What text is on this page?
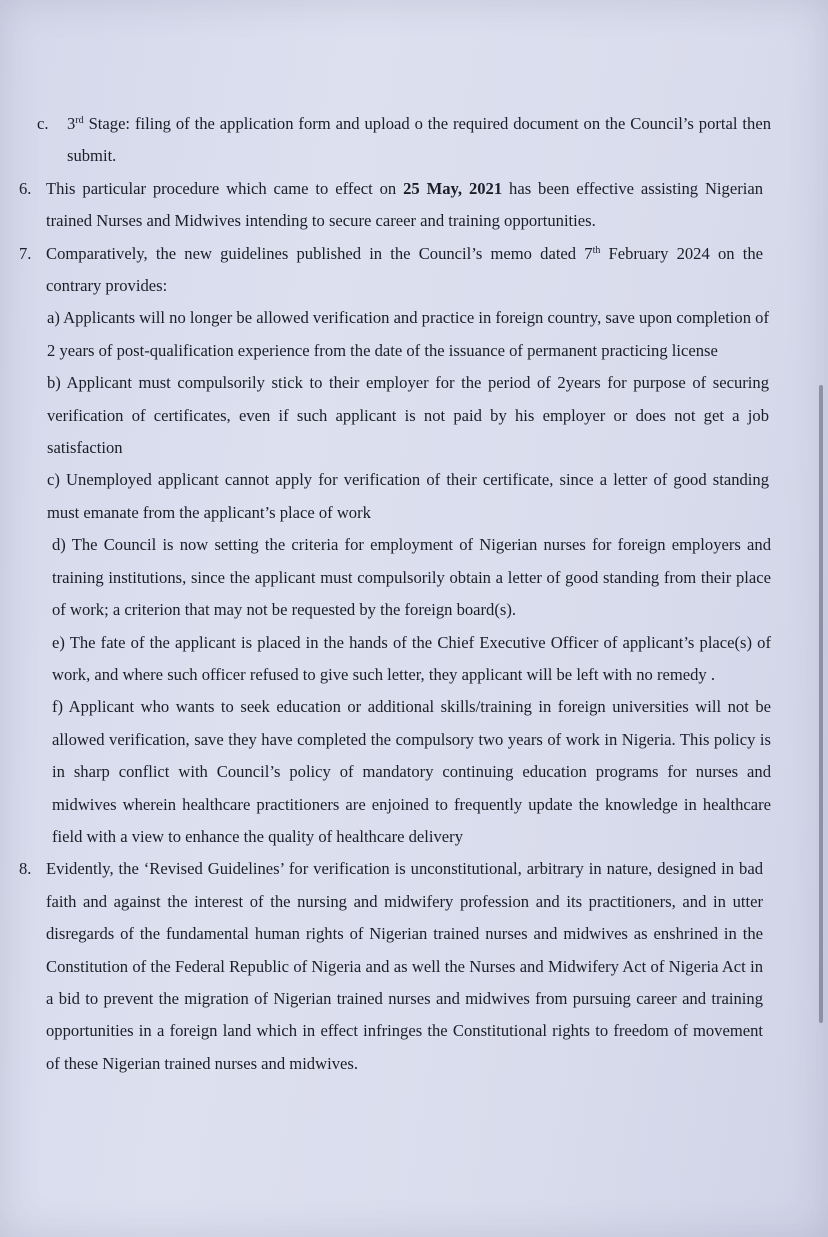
c. 3rd Stage: filing of the application form and upload o the required document on the Council’s portal then submit.
6. This particular procedure which came to effect on 25 May, 2021 has been effective assisting Nigerian trained Nurses and Midwives intending to secure career and training opportunities.
7. Comparatively, the new guidelines published in the Council’s memo dated 7th February 2024 on the contrary provides:
a) Applicants will no longer be allowed verification and practice in foreign country, save upon completion of 2 years of post-qualification experience from the date of the issuance of permanent practicing license
b) Applicant must compulsorily stick to their employer for the period of 2years for purpose of securing verification of certificates, even if such applicant is not paid by his employer or does not get a job satisfaction
c) Unemployed applicant cannot apply for verification of their certificate, since a letter of good standing must emanate from the applicant’s place of work
d) The Council is now setting the criteria for employment of Nigerian nurses for foreign employers and training institutions, since the applicant must compulsorily obtain a letter of good standing from their place of work; a criterion that may not be requested by the foreign board(s).
e) The fate of the applicant is placed in the hands of the Chief Executive Officer of applicant’s place(s) of work, and where such officer refused to give such letter, they applicant will be left with no remedy .
f) Applicant who wants to seek education or additional skills/training in foreign universities will not be allowed verification, save they have completed the compulsory two years of work in Nigeria. This policy is in sharp conflict with Council’s policy of mandatory continuing education programs for nurses and midwives wherein healthcare practitioners are enjoined to frequently update the knowledge in healthcare field with a view to enhance the quality of healthcare delivery
8. Evidently, the ‘Revised Guidelines’ for verification is unconstitutional, arbitrary in nature, designed in bad faith and against the interest of the nursing and midwifery profession and its practitioners, and in utter disregards of the fundamental human rights of Nigerian trained nurses and midwives as enshrined in the Constitution of the Federal Republic of Nigeria and as well the Nurses and Midwifery Act of Nigeria Act in a bid to prevent the migration of Nigerian trained nurses and midwives from pursuing career and training opportunities in a foreign land which in effect infringes the Constitutional rights to freedom of movement of these Nigerian trained nurses and midwives.
